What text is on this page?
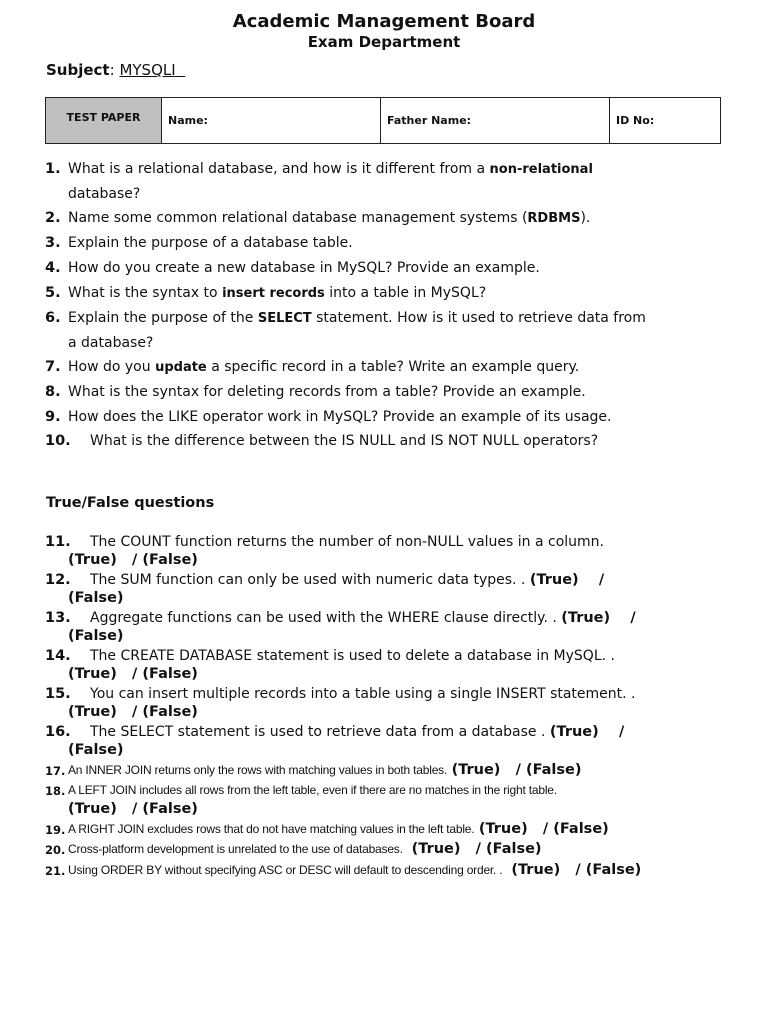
Academic Management Board
Exam Department
Subject: MYSQLI
TEST PAPER	Name:	Father Name:	ID No:
1. What is a relational database, and how is it different from a non-relational
database?
2. Name some common relational database management systems (RDBMS).
3. Explain the purpose of a database table.
4. How do you create a new database in MySQL? Provide an example.
5. What is the syntax to insert records into a table in MySQL?
6. Explain the purpose of the SELECT statement. How is it used to retrieve data from
a database?
7. How do you update a specific record in a table? Write an example query.
8. What is the syntax for deleting records from a table? Provide an example.
9. How does the LIKE operator work in MySQL? Provide an example of its usage.
10. What is the difference between the IS NULL and IS NOT NULL operators?
True/False questions
11. The COUNT function returns the number of non-NULL values in a column.
(True) / (False)
12. The SUM function can only be used with numeric data types. . (True) /
(False)
13. Aggregate functions can be used with the WHERE clause directly. . (True) /
(False)
14. The CREATE DATABASE statement is used to delete a database in MySQL. .
(True) / (False)
15. You can insert multiple records into a table using a single INSERT statement. .
(True) / (False)
16. The SELECT statement is used to retrieve data from a database . (True) /
(False)
17. An INNER JOIN returns only the rows with matching values in both tables. (True) / (False)
18. A LEFT JOIN includes all rows from the left table, even if there are no matches in the right table.
(True) / (False)
19. A RIGHT JOIN excludes rows that do not have matching values in the left table. (True) / (False)
20. Cross-platform development is unrelated to the use of databases. (True) / (False)
21. Using ORDER BY without specifying ASC or DESC will default to descending order. . (True) / (False)
